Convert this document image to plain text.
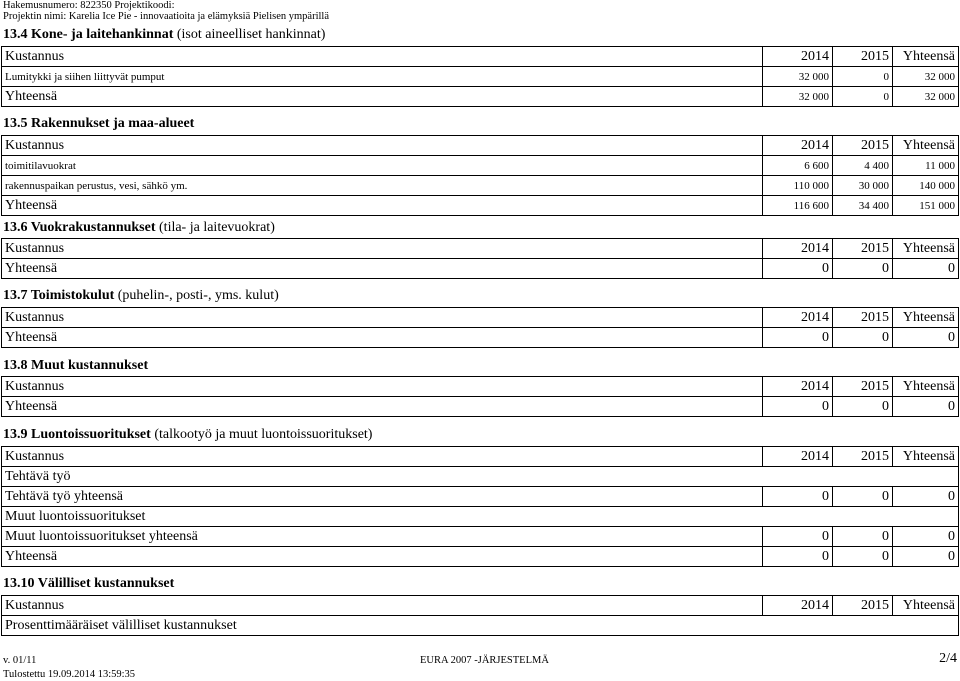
Hakemusnumero: 822350 Projektikoodi:
Projektin nimi: Karelia Ice Pie - innovaatioita ja elämyksiä Pielisen ympärillä
13.4 Kone- ja laitehankinnat (isot aineelliset hankinnat)
Kustannus	2014	2015	Yhteensä
Lumitykki ja siihen liittyvät pumput	32 000	0	32 000
Yhteensä	32 000	0	32 000
13.5 Rakennukset ja maa-alueet
Kustannus	2014	2015	Yhteensä
toimitilavuokrat	6 600	4 400	11 000
rakennuspaikan perustus, vesi, sähkö ym.	110 000	30 000	140 000
Yhteensä	116 600	34 400	151 000
13.6 Vuokrakustannukset (tila- ja laitevuokrat)
Kustannus	2014	2015	Yhteensä
Yhteensä	0	0	0
13.7 Toimistokulut (puhelin-, posti-, yms. kulut)
Kustannus	2014	2015	Yhteensä
Yhteensä	0	0	0
13.8 Muut kustannukset
Kustannus	2014	2015	Yhteensä
Yhteensä	0	0	0
13.9 Luontoissuoritukset (talkootyö ja muut luontoissuoritukset)
Kustannus	2014	2015	Yhteensä
Tehtävä työ			
Tehtävä työ yhteensä	0	0	0
Muut luontoissuoritukset			
Muut luontoissuoritukset yhteensä	0	0	0
Yhteensä	0	0	0
13.10 Välilliset kustannukset
Kustannus	2014	2015	Yhteensä
Prosenttimääräiset välilliset kustannukset
v. 01/11	EURA 2007 -JÄRJESTELMÄ	2/4
Tulostettu 19.09.2014 13:59:35
